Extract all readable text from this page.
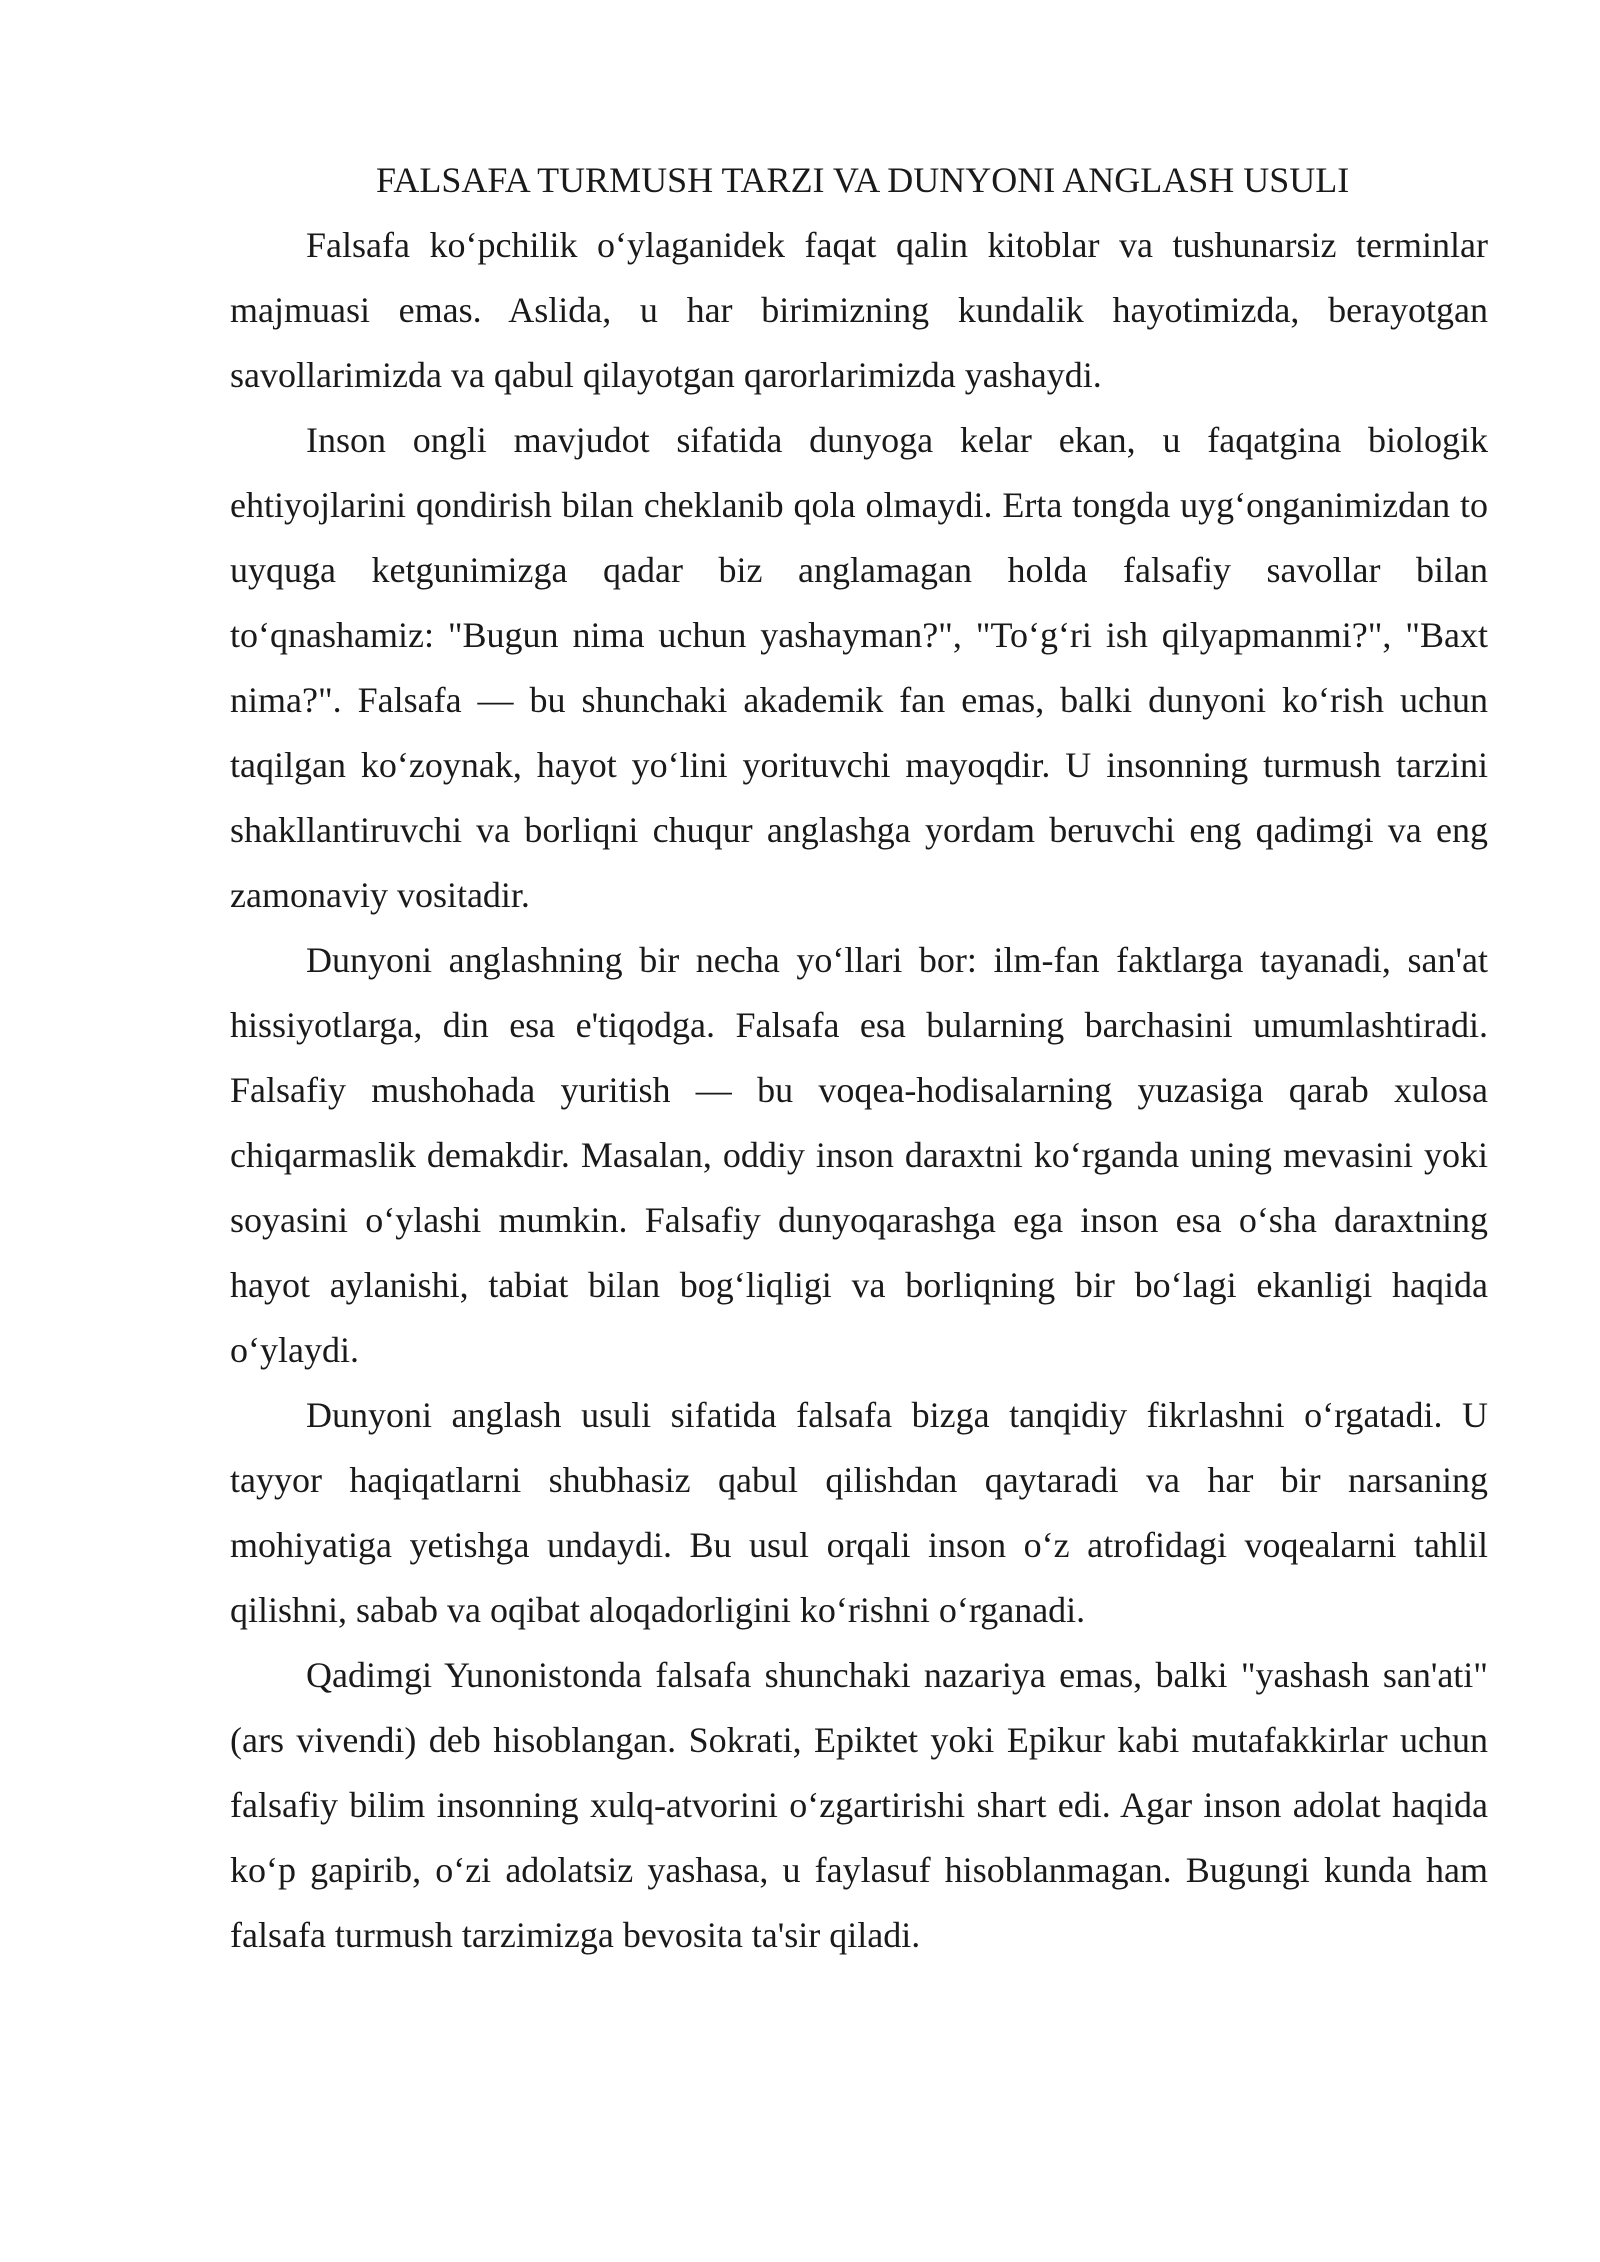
FALSAFA TURMUSH TARZI VA DUNYONI ANGLASH USULI

Falsafa koʻpchilik oʻylaganidek faqat qalin kitoblar va tushunarsiz terminlar majmuasi emas. Aslida, u har birimizning kundalik hayotimizda, berayotgan savollarimizda va qabul qilayotgan qarorlarimizda yashaydi.

Inson ongli mavjudot sifatida dunyoga kelar ekan, u faqatgina biologik ehtiyojlarini qondirish bilan cheklanib qola olmaydi. Erta tongda uygʻonganimizdan to uyquga ketgunimizga qadar biz anglamagan holda falsafiy savollar bilan toʻqnashamiz: "Bugun nima uchun yashayman?", "Toʻgʻri ish qilyapmanmi?", "Baxt nima?". Falsafa — bu shunchaki akademik fan emas, balki dunyoni koʻrish uchun taqilgan koʻzoynak, hayot yoʻlini yorituvchi mayoqdir. U insonning turmush tarzini shakllantiruvchi va borliqni chuqur anglashga yordam beruvchi eng qadimgi va eng zamonaviy vositadir.

Dunyoni anglashning bir necha yoʻllari bor: ilm-fan faktlarga tayanadi, san'at hissiyotlarga, din esa e'tiqodga. Falsafa esa bularning barchasini umumlashtiradi. Falsafiy mushohada yuritish — bu voqea-hodisalarning yuzasiga qarab xulosa chiqarmaslik demakdir. Masalan, oddiy inson daraxtni koʻrganda uning mevasini yoki soyasini oʻylashi mumkin. Falsafiy dunyoqarashga ega inson esa oʻsha daraxtning hayot aylanishi, tabiat bilan bogʻliqligi va borliqning bir boʻlagi ekanligi haqida oʻylaydi.

Dunyoni anglash usuli sifatida falsafa bizga tanqidiy fikrlashni oʻrgatadi. U tayyor haqiqatlarni shubhasiz qabul qilishdan qaytaradi va har bir narsaning mohiyatiga yetishga undaydi. Bu usul orqali inson oʻz atrofidagi voqealarni tahlil qilishni, sabab va oqibat aloqadorligini koʻrishni oʻrganadi.

Qadimgi Yunonistonda falsafa shunchaki nazariya emas, balki "yashash san'ati" (ars vivendi) deb hisoblangan. Sokrati, Epiktet yoki Epikur kabi mutafakkirlar uchun falsafiy bilim insonning xulq-atvorini oʻzgartirishi shart edi. Agar inson adolat haqida koʻp gapirib, oʻzi adolatsiz yashasa, u faylasuf hisoblanmagan. Bugungi kunda ham falsafa turmush tarzimizga bevosita ta'sir qiladi.
